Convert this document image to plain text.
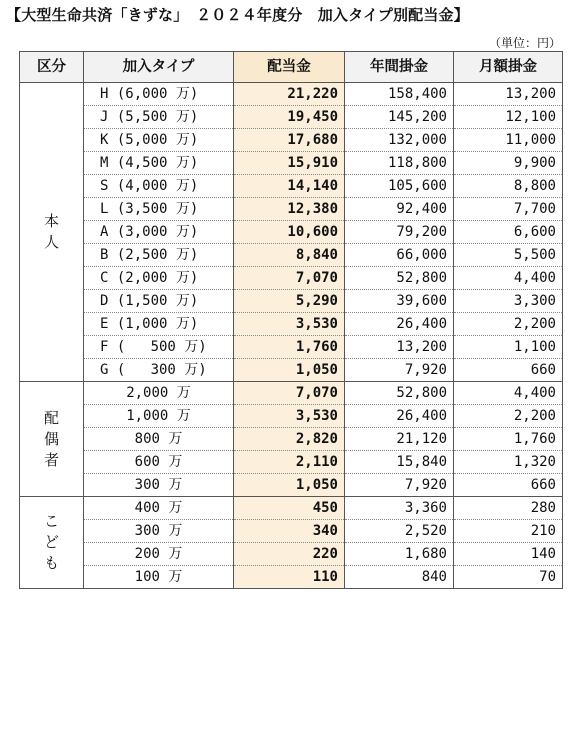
【大型生命共済「きずな」　２０２４年度分　加入タイプ別配当金】
（単位：円）
区分	加入タイプ	配当金	年間掛金	月額掛金
本人	H (6,000 万)	21,220	158,400	13,200
	J (5,500 万)	19,450	145,200	12,100
	K (5,000 万)	17,680	132,000	11,000
	M (4,500 万)	15,910	118,800	9,900
	S (4,000 万)	14,140	105,600	8,800
	L (3,500 万)	12,380	92,400	7,700
	A (3,000 万)	10,600	79,200	6,600
	B (2,500 万)	8,840	66,000	5,500
	C (2,000 万)	7,070	52,800	4,400
	D (1,500 万)	5,290	39,600	3,300
	E (1,000 万)	3,530	26,400	2,200
	F (   500 万)	1,760	13,200	1,100
	G (   300 万)	1,050	7,920	660
配偶者	2,000 万	7,070	52,800	4,400
	1,000 万	3,530	26,400	2,200
	800 万	2,820	21,120	1,760
	600 万	2,110	15,840	1,320
	300 万	1,050	7,920	660
こども	400 万	450	3,360	280
	300 万	340	2,520	210
	200 万	220	1,680	140
	100 万	110	840	70
